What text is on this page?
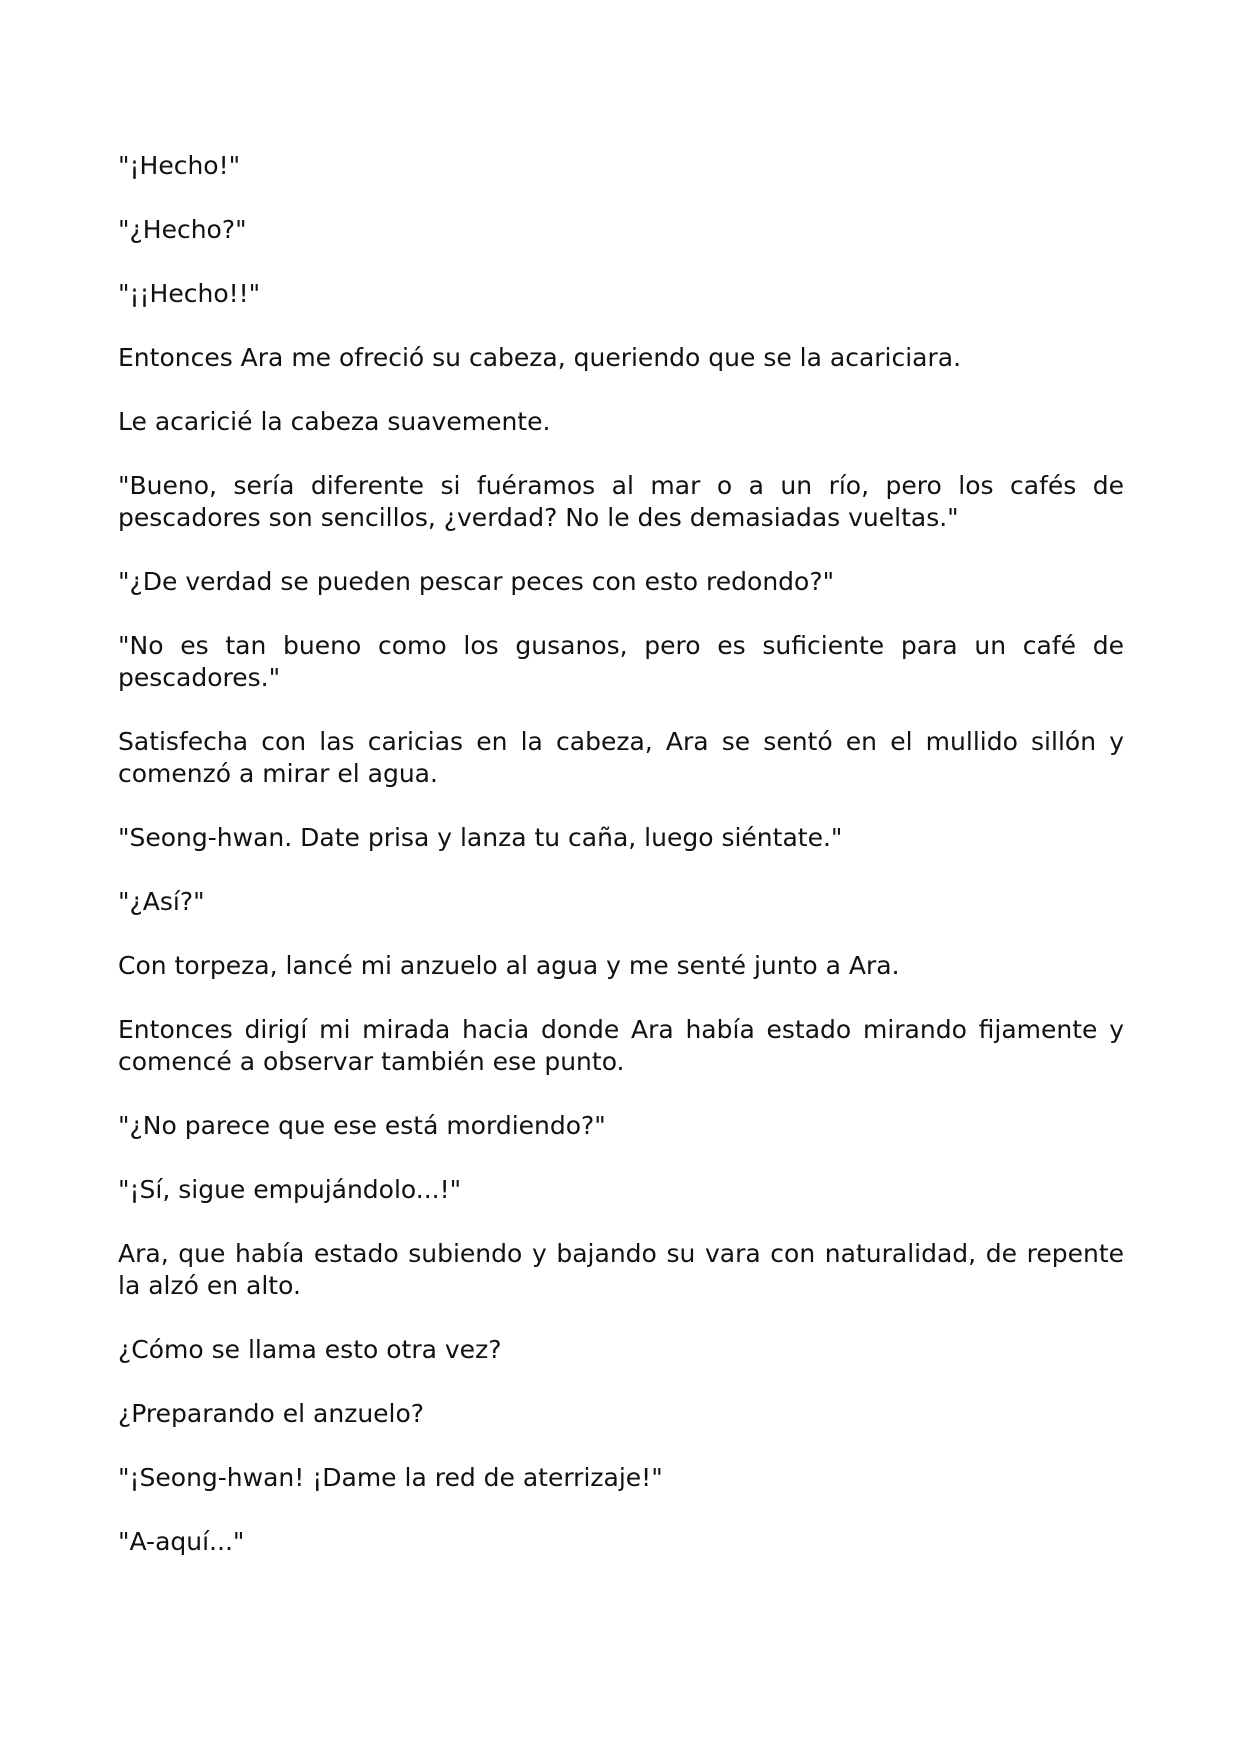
"¡Hecho!"

"¿Hecho?"

"¡¡Hecho!!"

Entonces Ara me ofreció su cabeza, queriendo que se la acariciara.

Le acaricié la cabeza suavemente.

"Bueno, sería diferente si fuéramos al mar o a un río, pero los cafés de pescadores son sencillos, ¿verdad? No le des demasiadas vueltas."

"¿De verdad se pueden pescar peces con esto redondo?"

"No es tan bueno como los gusanos, pero es suficiente para un café de pescadores."

Satisfecha con las caricias en la cabeza, Ara se sentó en el mullido sillón y comenzó a mirar el agua.

"Seong-hwan. Date prisa y lanza tu caña, luego siéntate."

"¿Así?"

Con torpeza, lancé mi anzuelo al agua y me senté junto a Ara.

Entonces dirigí mi mirada hacia donde Ara había estado mirando fijamente y comencé a observar también ese punto.

"¿No parece que ese está mordiendo?"

"¡Sí, sigue empujándolo...!"

Ara, que había estado subiendo y bajando su vara con naturalidad, de repente la alzó en alto.

¿Cómo se llama esto otra vez?

¿Preparando el anzuelo?

"¡Seong-hwan! ¡Dame la red de aterrizaje!"

"A-aquí..."
